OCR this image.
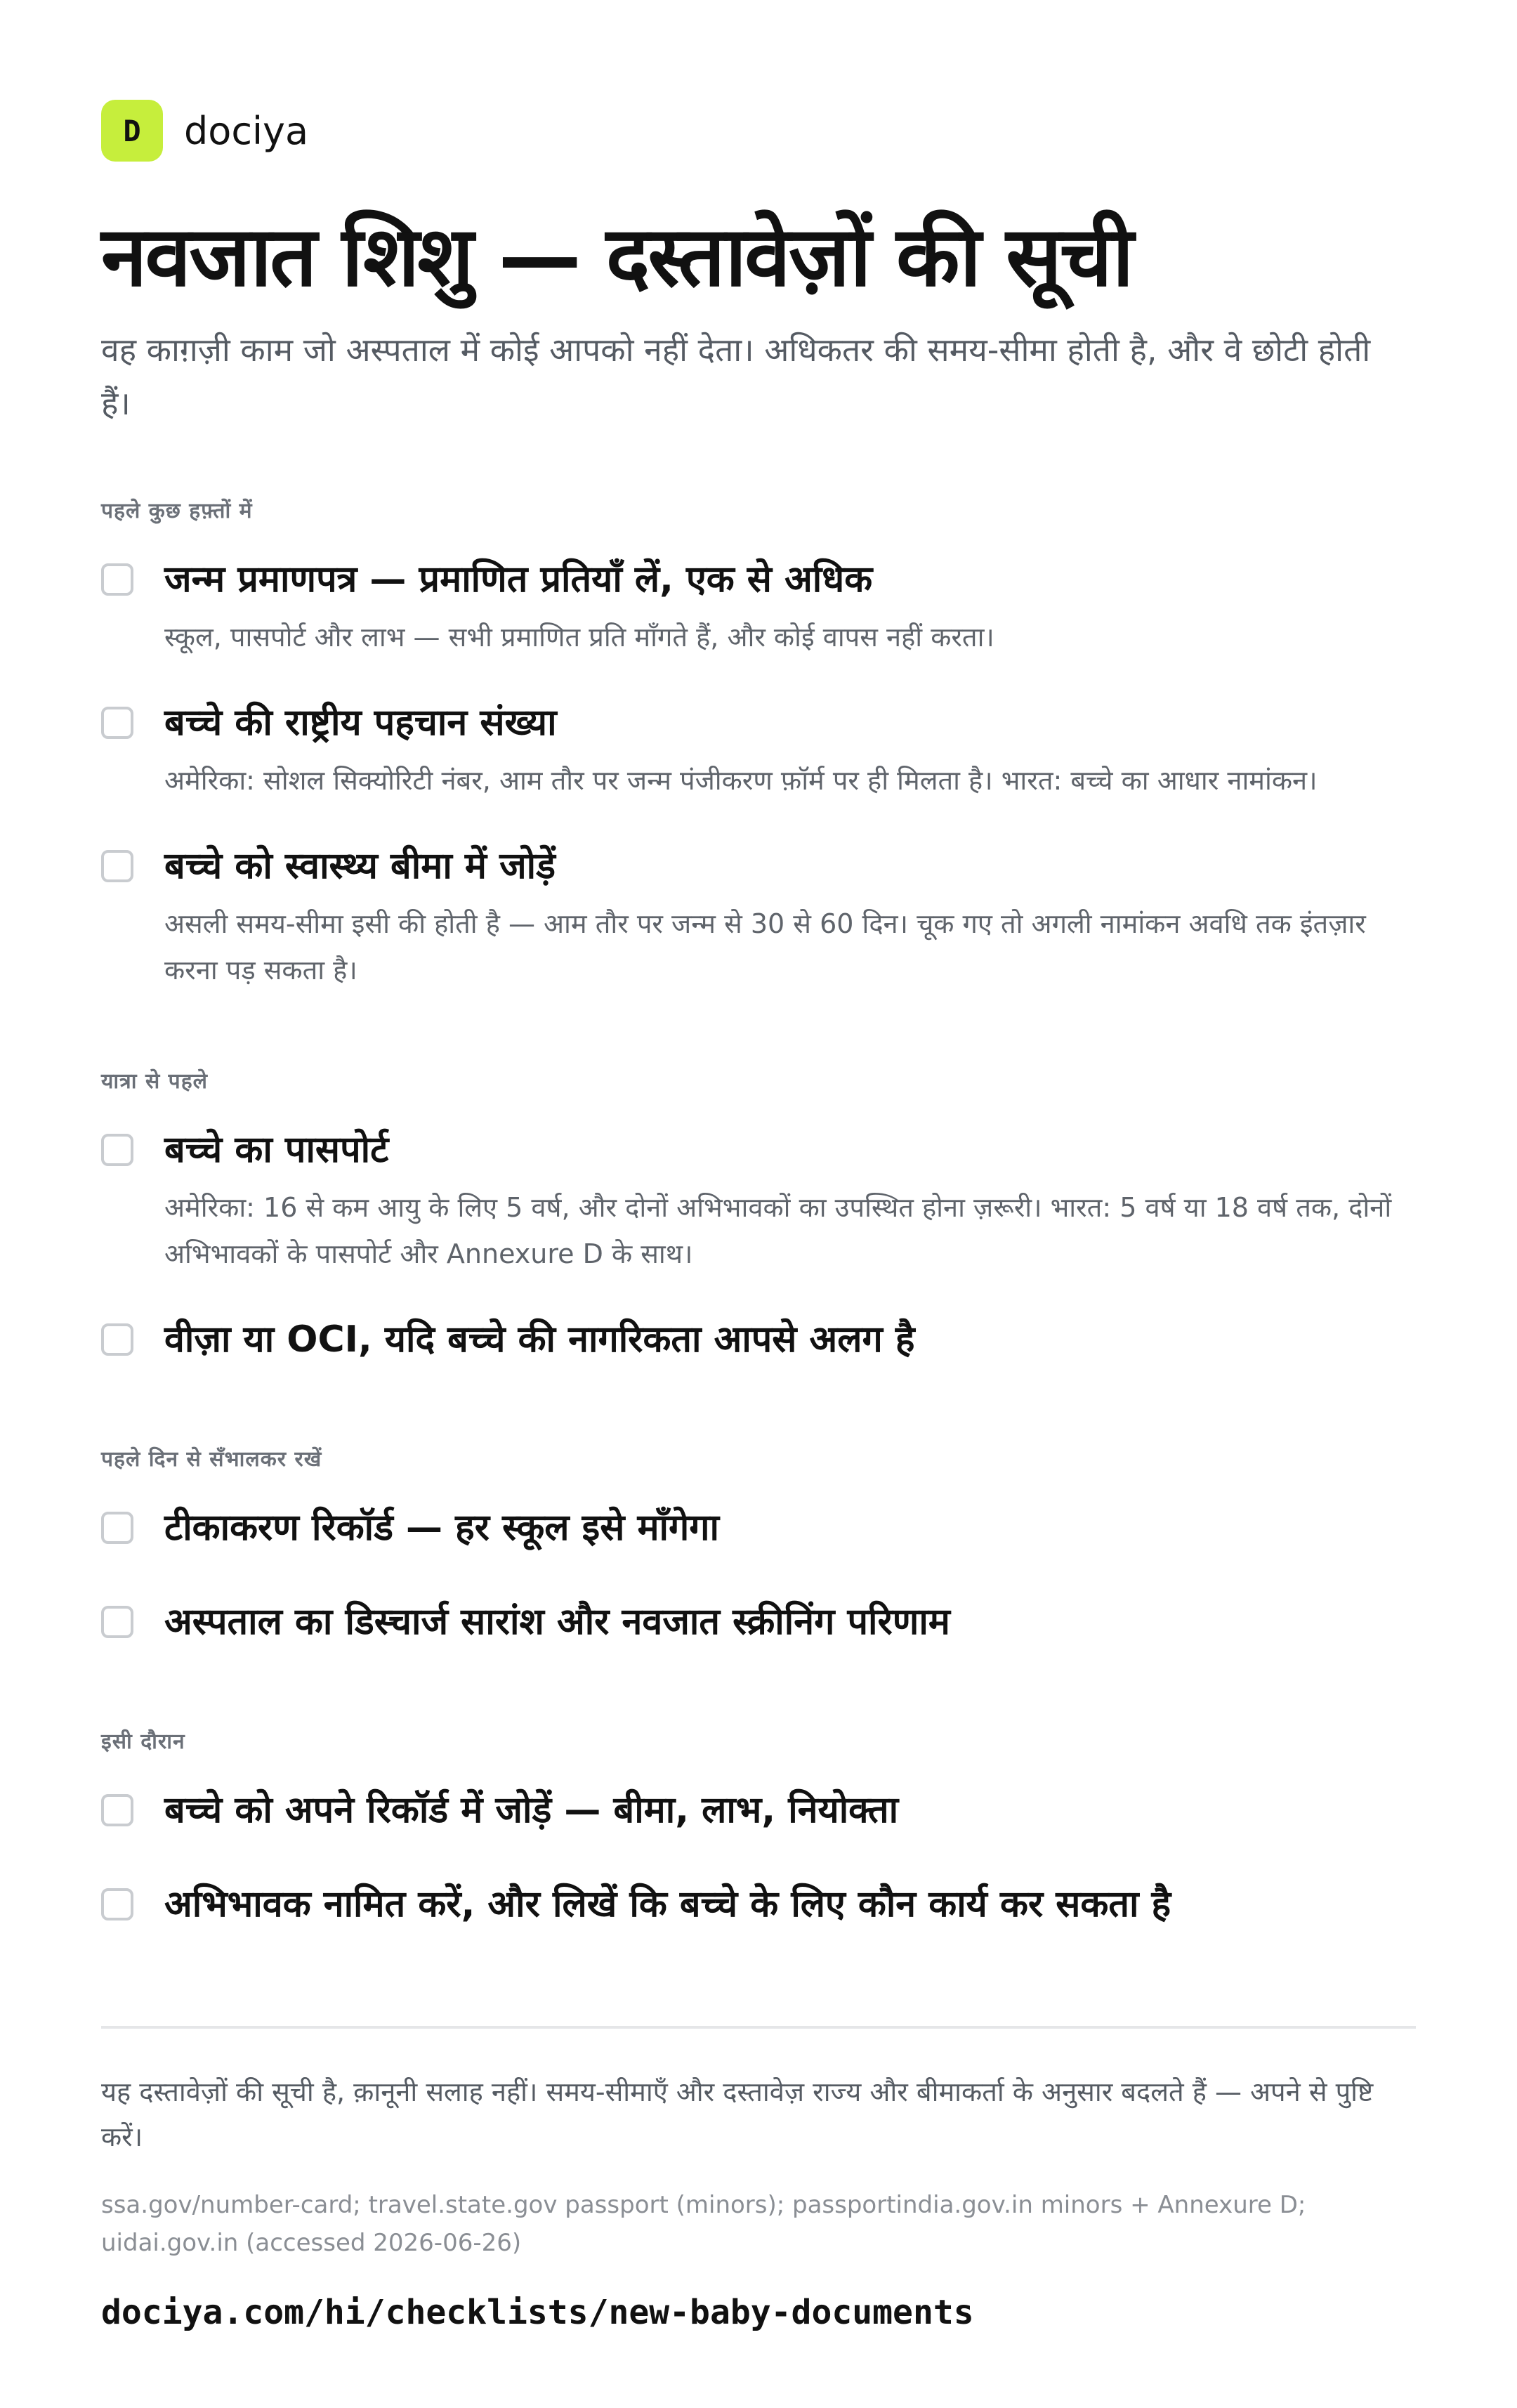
D	dociya
नवजात शिशु — दस्तावेज़ों की सूची

वह काग़ज़ी काम जो अस्पताल में कोई आपको नहीं देता। अधिकतर की समय-सीमा होती है, और वे छोटी होती हैं।

पहले कुछ हफ़्तों में
जन्म प्रमाणपत्र — प्रमाणित प्रतियाँ लें, एक से अधिक
स्कूल, पासपोर्ट और लाभ — सभी प्रमाणित प्रति माँगते हैं, और कोई वापस नहीं करता।
बच्चे की राष्ट्रीय पहचान संख्या
अमेरिका: सोशल सिक्योरिटी नंबर, आम तौर पर जन्म पंजीकरण फ़ॉर्म पर ही मिलता है। भारत: बच्चे का आधार नामांकन।
बच्चे को स्वास्थ्य बीमा में जोड़ें
असली समय-सीमा इसी की होती है — आम तौर पर जन्म से 30 से 60 दिन। चूक गए तो अगली नामांकन अवधि तक इंतज़ार करना पड़ सकता है।
यात्रा से पहले
बच्चे का पासपोर्ट
अमेरिका: 16 से कम आयु के लिए 5 वर्ष, और दोनों अभिभावकों का उपस्थित होना ज़रूरी। भारत: 5 वर्ष या 18 वर्ष तक, दोनों अभिभावकों के पासपोर्ट और Annexure D के साथ।
वीज़ा या OCI, यदि बच्चे की नागरिकता आपसे अलग है
पहले दिन से सँभालकर रखें
टीकाकरण रिकॉर्ड — हर स्कूल इसे माँगेगा
अस्पताल का डिस्चार्ज सारांश और नवजात स्क्रीनिंग परिणाम
इसी दौरान
बच्चे को अपने रिकॉर्ड में जोड़ें — बीमा, लाभ, नियोक्ता
अभिभावक नामित करें, और लिखें कि बच्चे के लिए कौन कार्य कर सकता है

यह दस्तावेज़ों की सूची है, क़ानूनी सलाह नहीं। समय-सीमाएँ और दस्तावेज़ राज्य और बीमाकर्ता के अनुसार बदलते हैं — अपने से पुष्टि करें।

ssa.gov/number-card; travel.state.gov passport (minors); passportindia.gov.in minors + Annexure D; uidai.gov.in (accessed 2026-06-26)

dociya.com/hi/checklists/new-baby-documents
